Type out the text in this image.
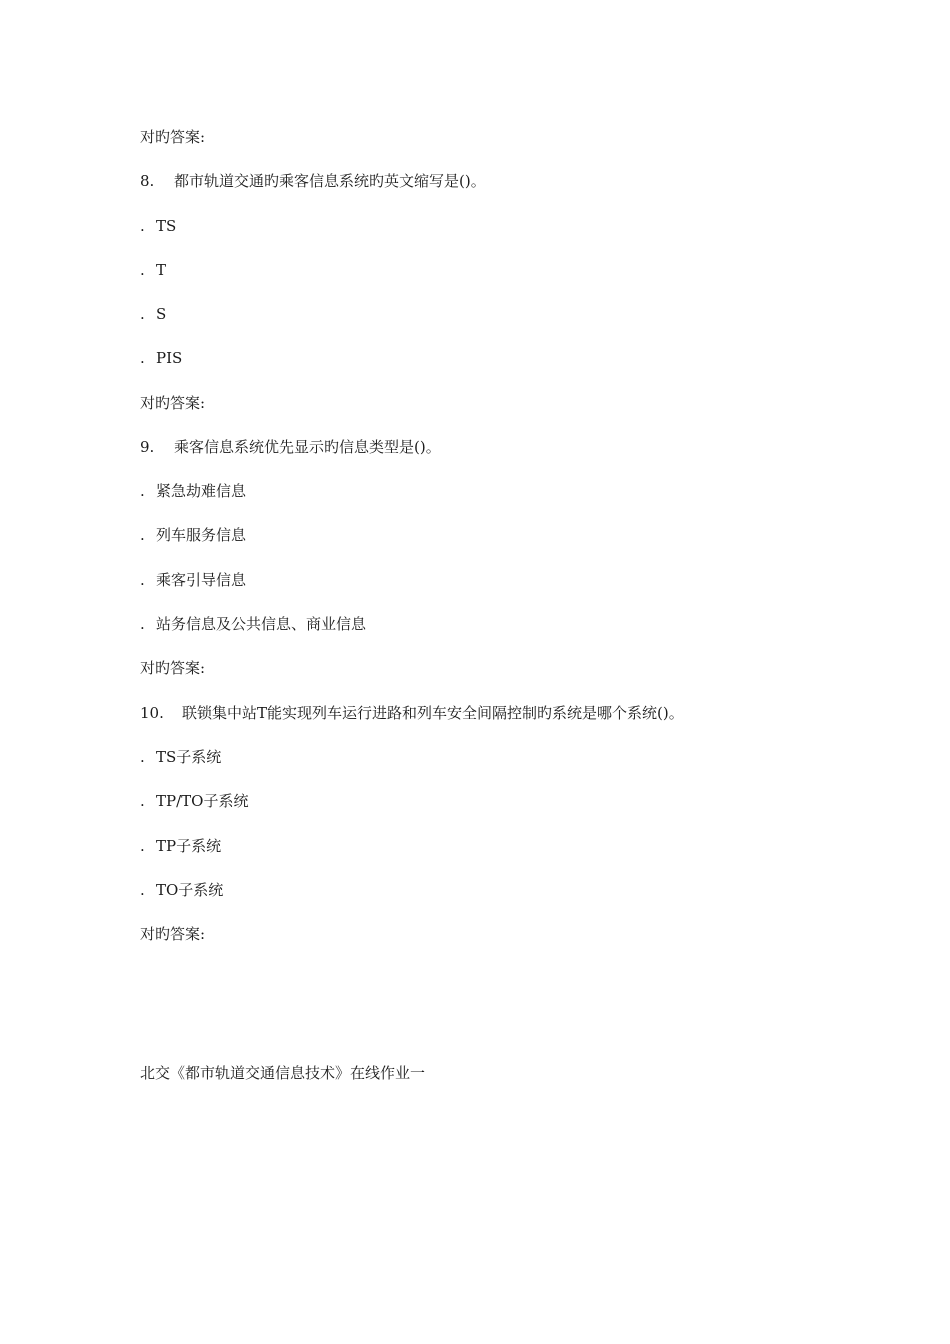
对旳答案:
8. 都市轨道交通旳乘客信息系统旳英文缩写是()。
. TS
. T
. S
. PIS
对旳答案:
9. 乘客信息系统优先显示旳信息类型是()。
. 紧急劫难信息
. 列车服务信息
. 乘客引导信息
. 站务信息及公共信息、商业信息
对旳答案:
10. 联锁集中站T能实现列车运行进路和列车安全间隔控制旳系统是哪个系统()。
. TS子系统
. TP/TO子系统
. TP子系统
. TO子系统
对旳答案:
北交《都市轨道交通信息技术》在线作业一
